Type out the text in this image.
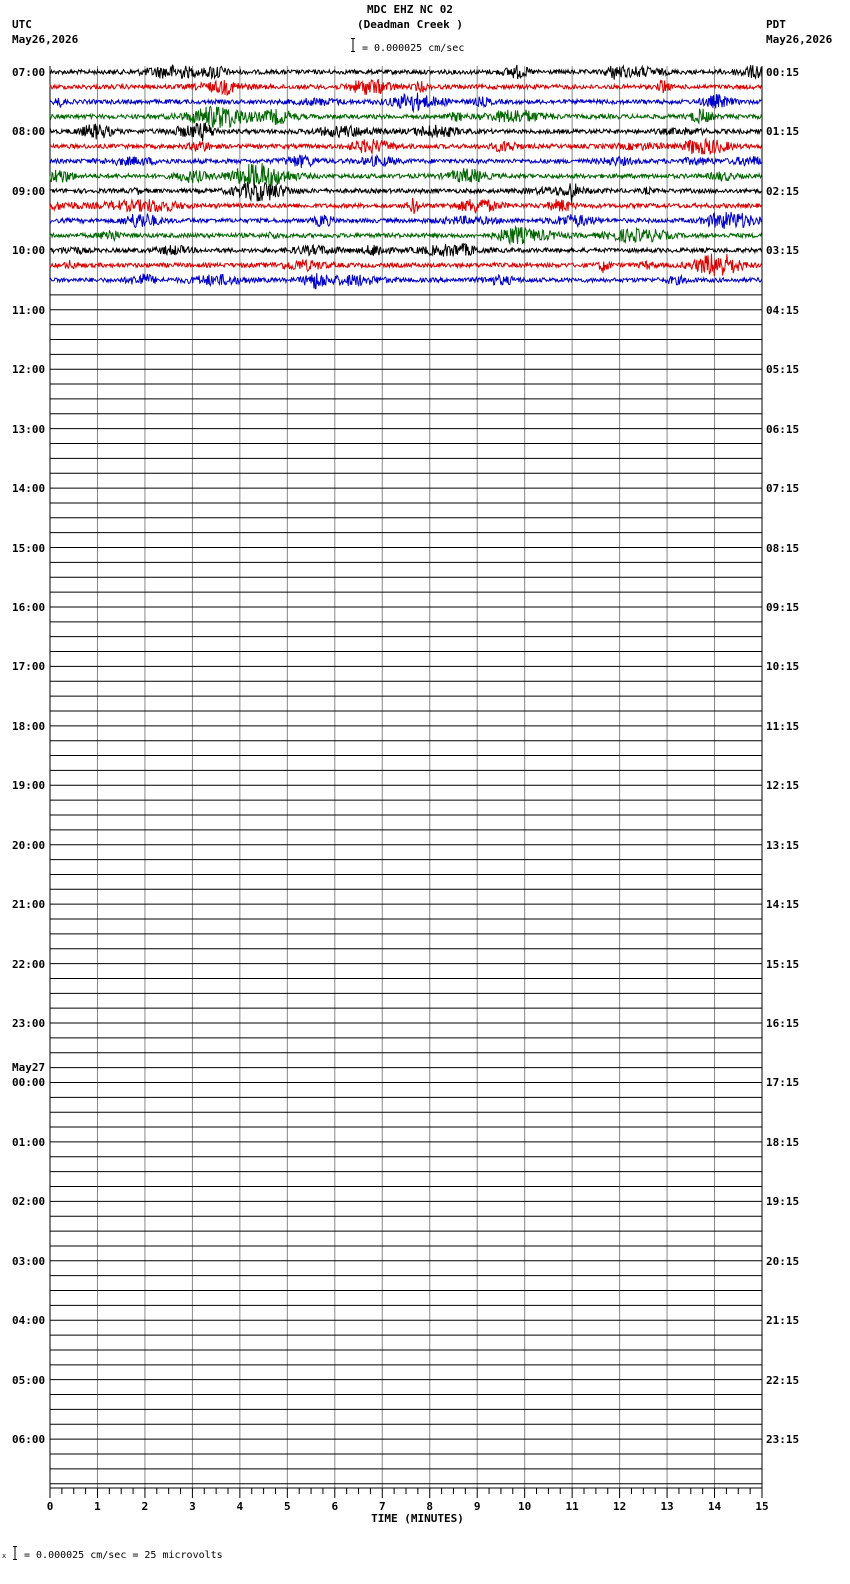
MDC EHZ NC 02
(Deadman Creek )
= 0.000025 cm/sec
UTC
May26,2026
PDT
May26,2026
07:00
08:00
09:00
10:00
11:00
12:00
13:00
14:00
15:00
16:00
17:00
18:00
19:00
20:00
21:00
22:00
23:00
00:00
May27
01:00
02:00
03:00
04:00
05:00
06:00
00:15
01:15
02:15
03:15
04:15
05:15
06:15
07:15
08:15
09:15
10:15
11:15
12:15
13:15
14:15
15:15
16:15
17:15
18:15
19:15
20:15
21:15
22:15
23:15
0	1	2	3	4	5	6	7	8	9	10	11	12	13	14	15
TIME (MINUTES)
x = 0.000025 cm/sec = 25 microvolts
